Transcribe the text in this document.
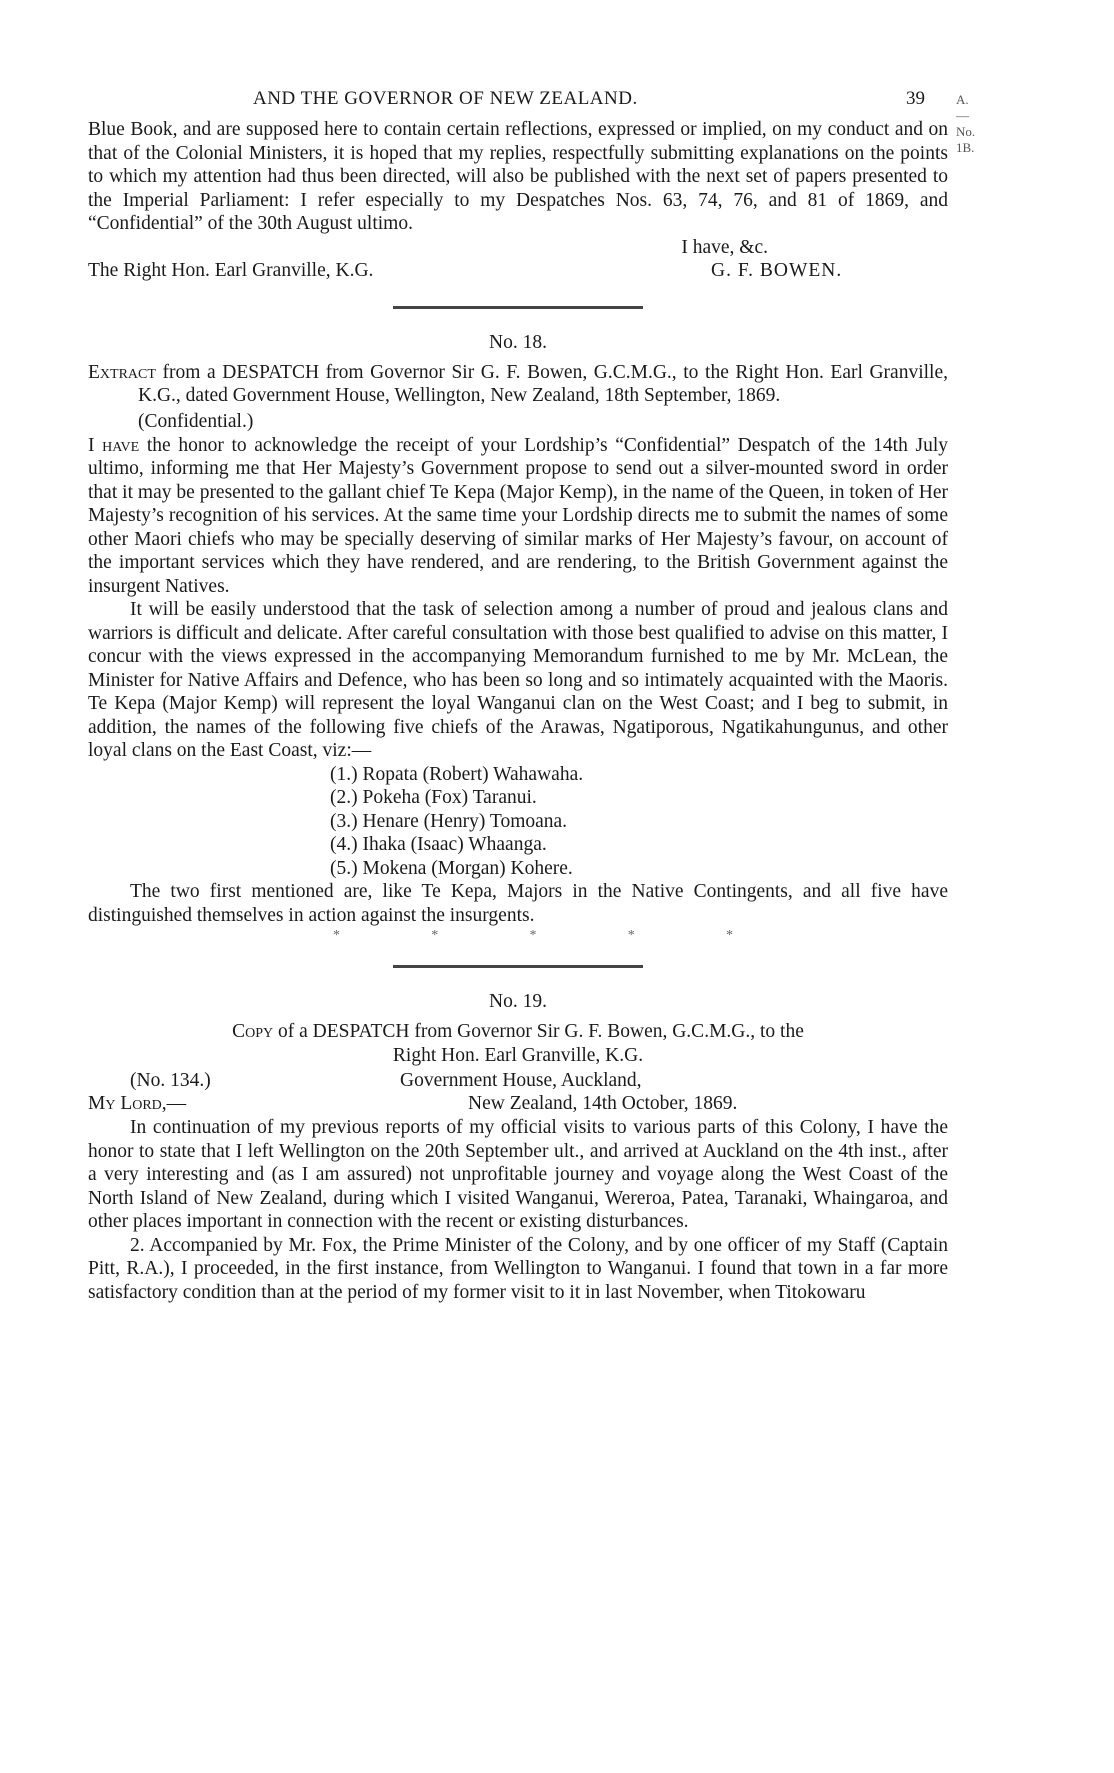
AND THE GOVERNOR OF NEW ZEALAND.	39 A.—No. 1B.

Blue Book, and are supposed here to contain certain reflections, expressed or implied, on my conduct and on that of the Colonial Ministers, it is hoped that my replies, respectfully submitting explanations on the points to which my attention had thus been directed, will also be published with the next set of papers presented to the Imperial Parliament: I refer especially to my Despatches Nos. 63, 74, 76, and 81 of 1869, and “Confidential” of the 30th August ultimo.

I have, &c.
The Right Hon. Earl Granville, K.G.	G. F. BOWEN.
No. 18.

Extract from a DESPATCH from Governor Sir G. F. Bowen, G.C.M.G., to the Right Hon. Earl Granville, K.G., dated Government House, Wellington, New Zealand, 18th September, 1869.

(Confidential.)

I have the honor to acknowledge the receipt of your Lordship’s “Confidential” Despatch of the 14th July ultimo, informing me that Her Majesty’s Government propose to send out a silver-mounted sword in order that it may be presented to the gallant chief Te Kepa (Major Kemp), in the name of the Queen, in token of Her Majesty’s recognition of his services. At the same time your Lordship directs me to submit the names of some other Maori chiefs who may be specially deserving of similar marks of Her Majesty’s favour, on account of the important services which they have rendered, and are rendering, to the British Government against the insurgent Natives.

It will be easily understood that the task of selection among a number of proud and jealous clans and warriors is difficult and delicate. After careful consultation with those best qualified to advise on this matter, I concur with the views expressed in the accompanying Memorandum furnished to me by Mr. McLean, the Minister for Native Affairs and Defence, who has been so long and so intimately acquainted with the Maoris. Te Kepa (Major Kemp) will represent the loyal Wanganui clan on the West Coast; and I beg to submit, in addition, the names of the following five chiefs of the Arawas, Ngatiporous, Ngatikahungunus, and other loyal clans on the East Coast, viz:—

(1.) Ropata (Robert) Wahawaha.
(2.) Pokeha (Fox) Taranui.
(3.) Henare (Henry) Tomoana.
(4.) Ihaka (Isaac) Whaanga.
(5.) Mokena (Morgan) Kohere.

The two first mentioned are, like Te Kepa, Majors in the Native Contingents, and all five have distinguished themselves in action against the insurgents.

*	*	*	*	*
No. 19.
Copy of a DESPATCH from Governor Sir G. F. Bowen, G.C.M.G., to the
Right Hon. Earl Granville, K.G.
(No. 134.)	Government House, Auckland,
My Lord,—	New Zealand, 14th October, 1869.

In continuation of my previous reports of my official visits to various parts of this Colony, I have the honor to state that I left Wellington on the 20th September ult., and arrived at Auckland on the 4th inst., after a very interesting and (as I am assured) not unprofitable journey and voyage along the West Coast of the North Island of New Zealand, during which I visited Wanganui, Wereroa, Patea, Taranaki, Whaingaroa, and other places important in connection with the recent or existing disturbances.

2. Accompanied by Mr. Fox, the Prime Minister of the Colony, and by one officer of my Staff (Captain Pitt, R.A.), I proceeded, in the first instance, from Wellington to Wanganui. I found that town in a far more satisfactory condition than at the period of my former visit to it in last November, when Titokowaru
